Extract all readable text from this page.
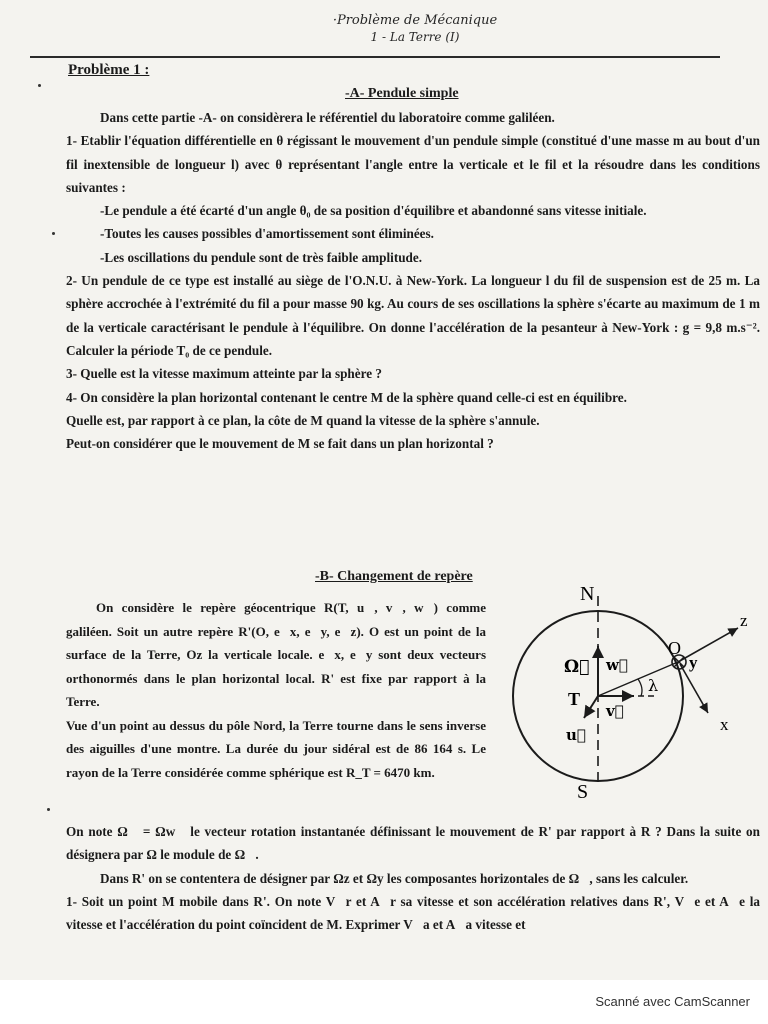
·Problème de Mécanique
1 - La Terre (I)
Problème 1 :
-A- Pendule simple

Dans cette partie -A- on considèrera le référentiel du laboratoire comme galiléen.

1- Etablir l'équation différentielle en θ régissant le mouvement d'un pendule simple (constitué d'une masse m au bout d'un fil inextensible de longueur l) avec θ représentant l'angle entre la verticale et le fil et la résoudre dans les conditions suivantes :

-Le pendule a été écarté d'un angle θ₀ de sa position d'équilibre et abandonné sans vitesse initiale.

-Toutes les causes possibles d'amortissement sont éliminées.

-Les oscillations du pendule sont de très faible amplitude.

2- Un pendule de ce type est installé au siège de l'O.N.U. à New-York. La longueur l du fil de suspension est de 25 m. La sphère accrochée à l'extrémité du fil a pour masse 90 kg. Au cours de ses oscillations la sphère s'écarte au maximum de 1 m de la verticale caractérisant le pendule à l'équilibre. On donne l'accélération de la pesanteur à New-York : g = 9,8 m.s⁻². Calculer la période T₀ de ce pendule.

3- Quelle est la vitesse maximum atteinte par la sphère ?

4- On considère la plan horizontal contenant le centre M de la sphère quand celle-ci est en équilibre.

Quelle est, par rapport à ce plan, la côte de M quand la vitesse de la sphère s'annule.

Peut-on considérer que le mouvement de M se fait dans un plan horizontal ?

-B- Changement de repère

On considère le repère géocentrique R(T, u⃗, v⃗, w⃗) comme galiléen. Soit un autre repère R'(O, e⃗x, e⃗y, e⃗z). O est un point de la surface de la Terre, Oz la verticale locale. e⃗x, e⃗y sont deux vecteurs orthonormés dans le plan horizontal local. R' est fixe par rapport à la Terre.

Vue d'un point au dessus du pôle Nord, la Terre tourne dans le sens inverse des aiguilles d'une montre. La durée du jour sidéral est de 86 164 s. Le rayon de la Terre considérée comme sphérique est R_T = 6470 km.

N
S
T
O
z
y
x
λ
Ω⃗ w⃗
v⃗
u⃗

On note Ω⃗ = Ωw⃗ le vecteur rotation instantanée définissant le mouvement de R' par rapport à R ? Dans la suite on désignera par Ω le module de Ω⃗.

Dans R' on se contentera de désigner par Ωz et Ωy les composantes horizontales de Ω⃗, sans les calculer.

1- Soit un point M mobile dans R'. On note V⃗r et A⃗r sa vitesse et son accélération relatives dans R', V⃗e et A⃗e la vitesse et l'accélération du point coïncident de M. Exprimer V⃗a et A⃗a vitesse et

Scanné avec CamScanner
